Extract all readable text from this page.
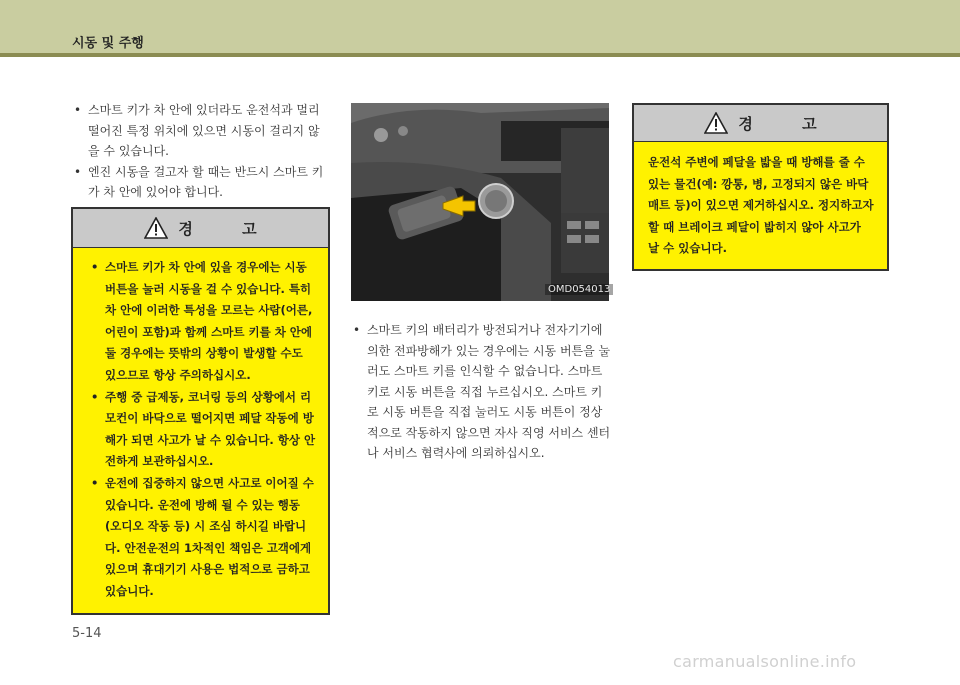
시동 및 주행
• 스마트 키가 차 안에 있더라도 운전석과 멀리 떨어진 특정 위치에 있으면 시동이 걸리지 않을 수 있습니다.
• 엔진 시동을 걸고자 할 때는 반드시 스마트 키가 차 안에 있어야 합니다.
경 고
• 스마트 키가 차 안에 있을 경우에는 시동 버튼을 눌러 시동을 걸 수 있습니다. 특히 차 안에 이러한 특성을 모르는 사람(어른, 어린이 포함)과 함께 스마트 키를 차 안에 둘 경우에는 뜻밖의 상황이 발생할 수도 있으므로 항상 주의하십시오.
• 주행 중 급제동, 코너링 등의 상황에서 리모컨이 바닥으로 떨어지면 페달 작동에 방해가 되면 사고가 날 수 있습니다. 항상 안전하게 보관하십시오.
• 운전에 집중하지 않으면 사고로 이어질 수 있습니다. 운전에 방해 될 수 있는 행동 (오디오 작동 등) 시 조심 하시길 바랍니다. 안전운전의 1차적인 책임은 고객에게 있으며 휴대기기 사용은 법적으로 금하고 있습니다.
OMD054013
• 스마트 키의 배터리가 방전되거나 전자기기에 의한 전파방해가 있는 경우에는 시동 버튼을 눌러도 스마트 키를 인식할 수 없습니다. 스마트 키로 시동 버튼을 직접 누르십시오. 스마트 키로 시동 버튼을 직접 눌러도 시동 버튼이 정상적으로 작동하지 않으면 자사 직영 서비스 센터나 서비스 협력사에 의뢰하십시오.
경 고
운전석 주변에 페달을 밟을 때 방해를 줄 수 있는 물건(예: 깡통, 병, 고정되지 않은 바닥 매트 등)이 있으면 제거하십시오. 정지하고자 할 때 브레이크 페달이 밟히지 않아 사고가 날 수 있습니다.
5-14
carmanualsonline.info
